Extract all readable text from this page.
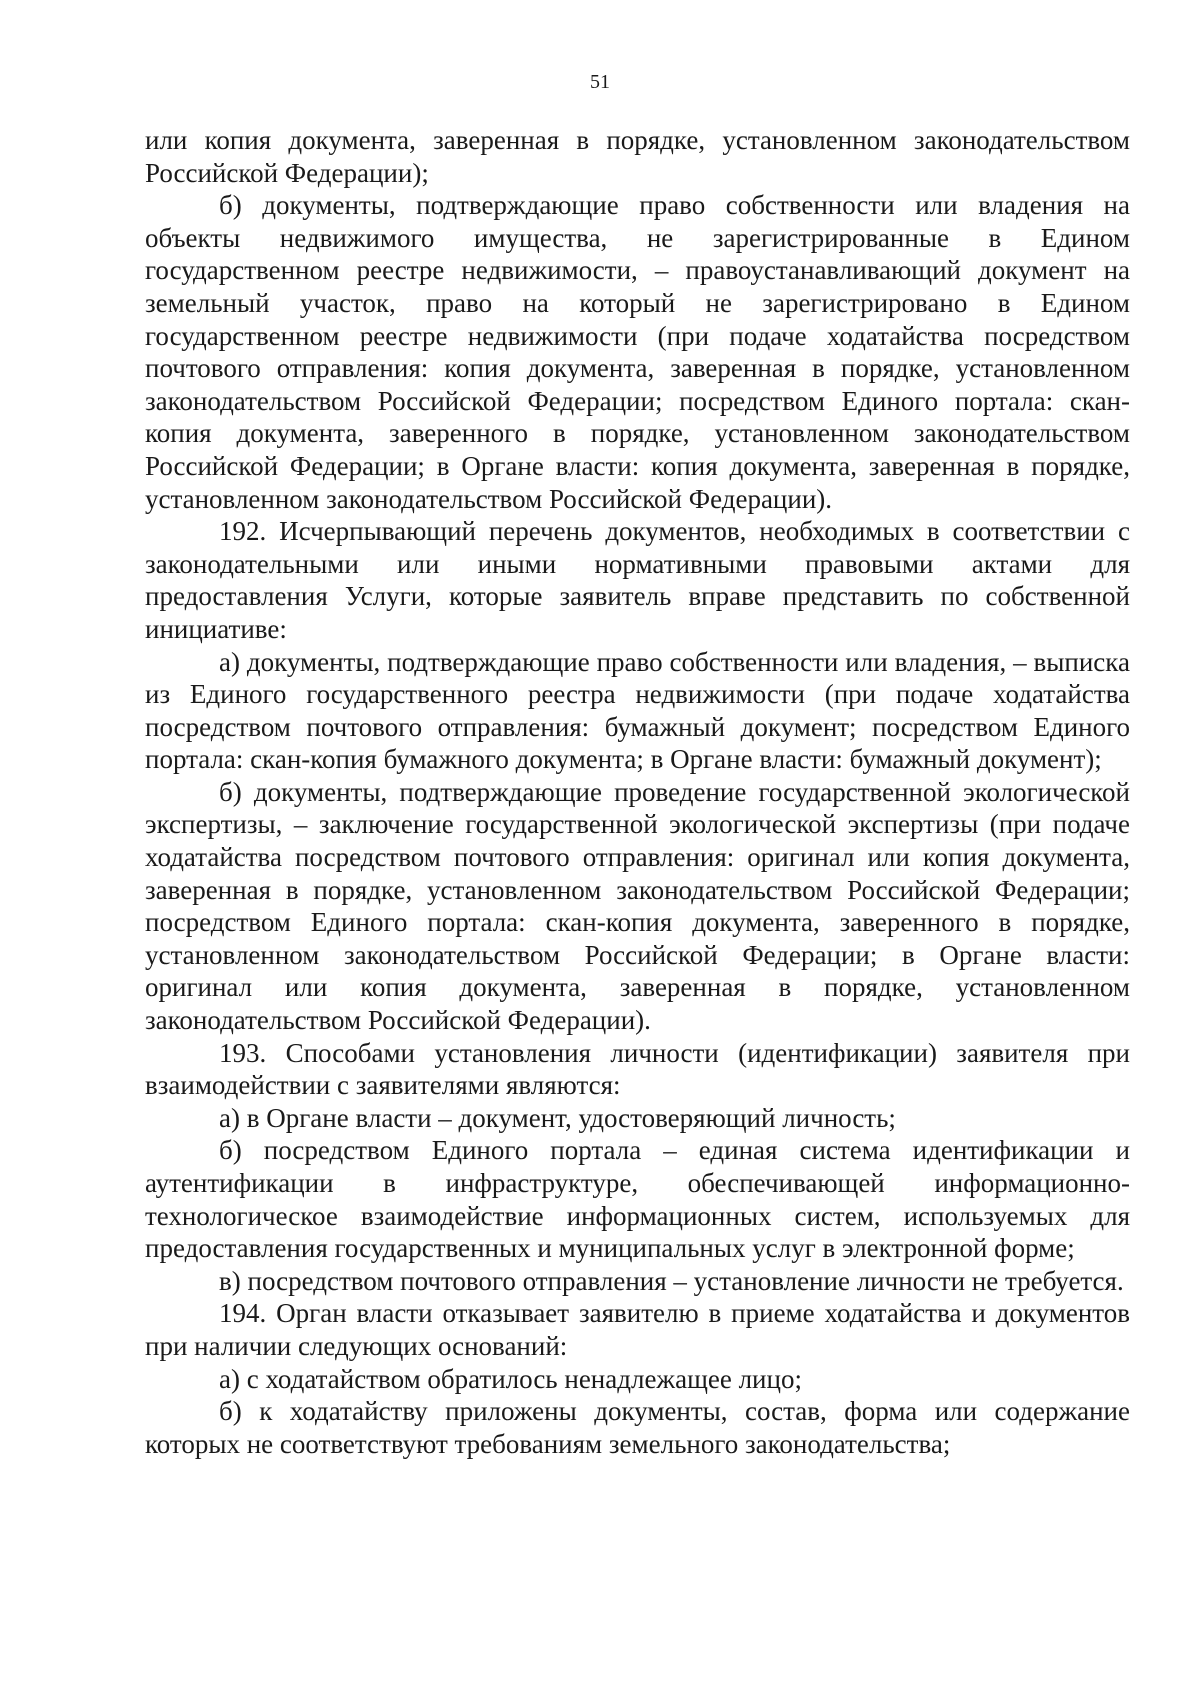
51

или копия документа, заверенная в порядке, установленном законодательством Российской Федерации);

б) документы, подтверждающие право собственности или владения на объекты недвижимого имущества, не зарегистрированные в Едином государственном реестре недвижимости, – правоустанавливающий документ на земельный участок, право на который не зарегистрировано в Едином государственном реестре недвижимости (при подаче ходатайства посредством почтового отправления: копия документа, заверенная в порядке, установленном законодательством Российской Федерации; посредством Единого портала: скан-копия документа, заверенного в порядке, установленном законодательством Российской Федерации; в Органе власти: копия документа, заверенная в порядке, установленном законодательством Российской Федерации).

192. Исчерпывающий перечень документов, необходимых в соответствии с законодательными или иными нормативными правовыми актами для предоставления Услуги, которые заявитель вправе представить по собственной инициативе:

а) документы, подтверждающие право собственности или владения, – выписка из Единого государственного реестра недвижимости (при подаче ходатайства посредством почтового отправления: бумажный документ; посредством Единого портала: скан-копия бумажного документа; в Органе власти: бумажный документ);

б) документы, подтверждающие проведение государственной экологической экспертизы, – заключение государственной экологической экспертизы (при подаче ходатайства посредством почтового отправления: оригинал или копия документа, заверенная в порядке, установленном законодательством Российской Федерации; посредством Единого портала: скан-копия документа, заверенного в порядке, установленном законодательством Российской Федерации; в Органе власти: оригинал или копия документа, заверенная в порядке, установленном законодательством Российской Федерации).

193. Способами установления личности (идентификации) заявителя при взаимодействии с заявителями являются:

а) в Органе власти – документ, удостоверяющий личность;

б) посредством Единого портала – единая система идентификации и аутентификации в инфраструктуре, обеспечивающей информационно-технологическое взаимодействие информационных систем, используемых для предоставления государственных и муниципальных услуг в электронной форме;

в) посредством почтового отправления – установление личности не требуется.

194. Орган власти отказывает заявителю в приеме ходатайства и документов при наличии следующих оснований:

а) с ходатайством обратилось ненадлежащее лицо;

б) к ходатайству приложены документы, состав, форма или содержание которых не соответствуют требованиям земельного законодательства;
